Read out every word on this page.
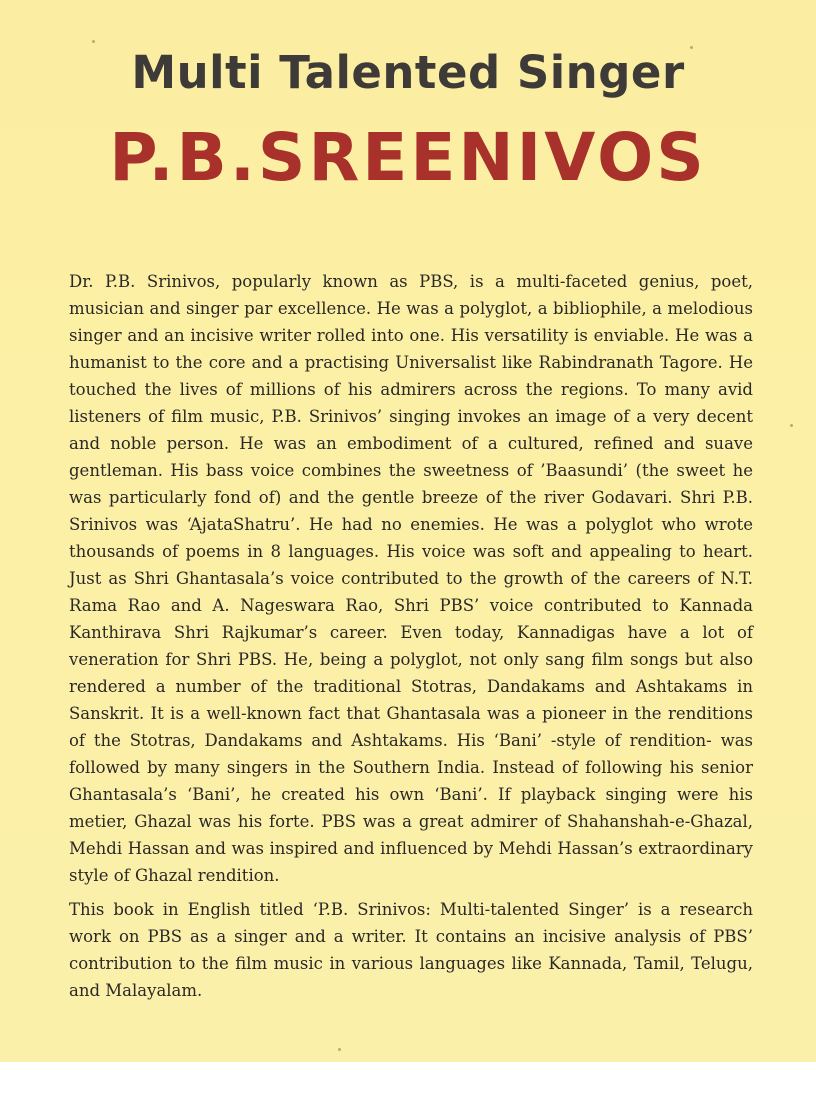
Multi Talented Singer
P.B.SREENIVOS

Dr. P.B. Srinivos, popularly known as PBS, is a multi-faceted genius, poet, musician and singer par excellence. He was a polyglot, a bibliophile, a melodious singer and an incisive writer rolled into one. His versatility is enviable. He was a humanist to the core and a practising Universalist like Rabindranath Tagore. He touched the lives of millions of his admirers across the regions. To many avid listeners of film music, P.B. Srinivos’ singing invokes an image of a very decent and noble person. He was an embodiment of a cultured, refined and suave gentleman. His bass voice combines the sweetness of ’Baasundi’ (the sweet he was particularly fond of) and the gentle breeze of the river Godavari. Shri P.B. Srinivos was ‘AjataShatru’. He had no enemies. He was a polyglot who wrote thousands of poems in 8 languages. His voice was soft and appealing to heart. Just as Shri Ghantasala’s voice contributed to the growth of the careers of N.T. Rama Rao and A. Nageswara Rao, Shri PBS’ voice contributed to Kannada Kanthirava Shri Rajkumar’s career. Even today, Kannadigas have a lot of veneration for Shri PBS. He, being a polyglot, not only sang film songs but also rendered a number of the traditional Stotras, Dandakams and Ashtakams in Sanskrit. It is a well-known fact that Ghantasala was a pioneer in the renditions of the Stotras, Dandakams and Ashtakams. His ‘Bani’ -style of rendition- was followed by many singers in the Southern India. Instead of following his senior Ghantasala’s ‘Bani’, he created his own ‘Bani’. If playback singing were his metier, Ghazal was his forte. PBS was a great admirer of Shahanshah-e-Ghazal, Mehdi Hassan and was inspired and influenced by Mehdi Hassan’s extraordinary style of Ghazal rendition.

This book in English titled ‘P.B. Srinivos: Multi-talented Singer’ is a research work on PBS as a singer and a writer. It contains an incisive analysis of PBS’ contribution to the film music in various languages like Kannada, Tamil, Telugu, and Malayalam.
